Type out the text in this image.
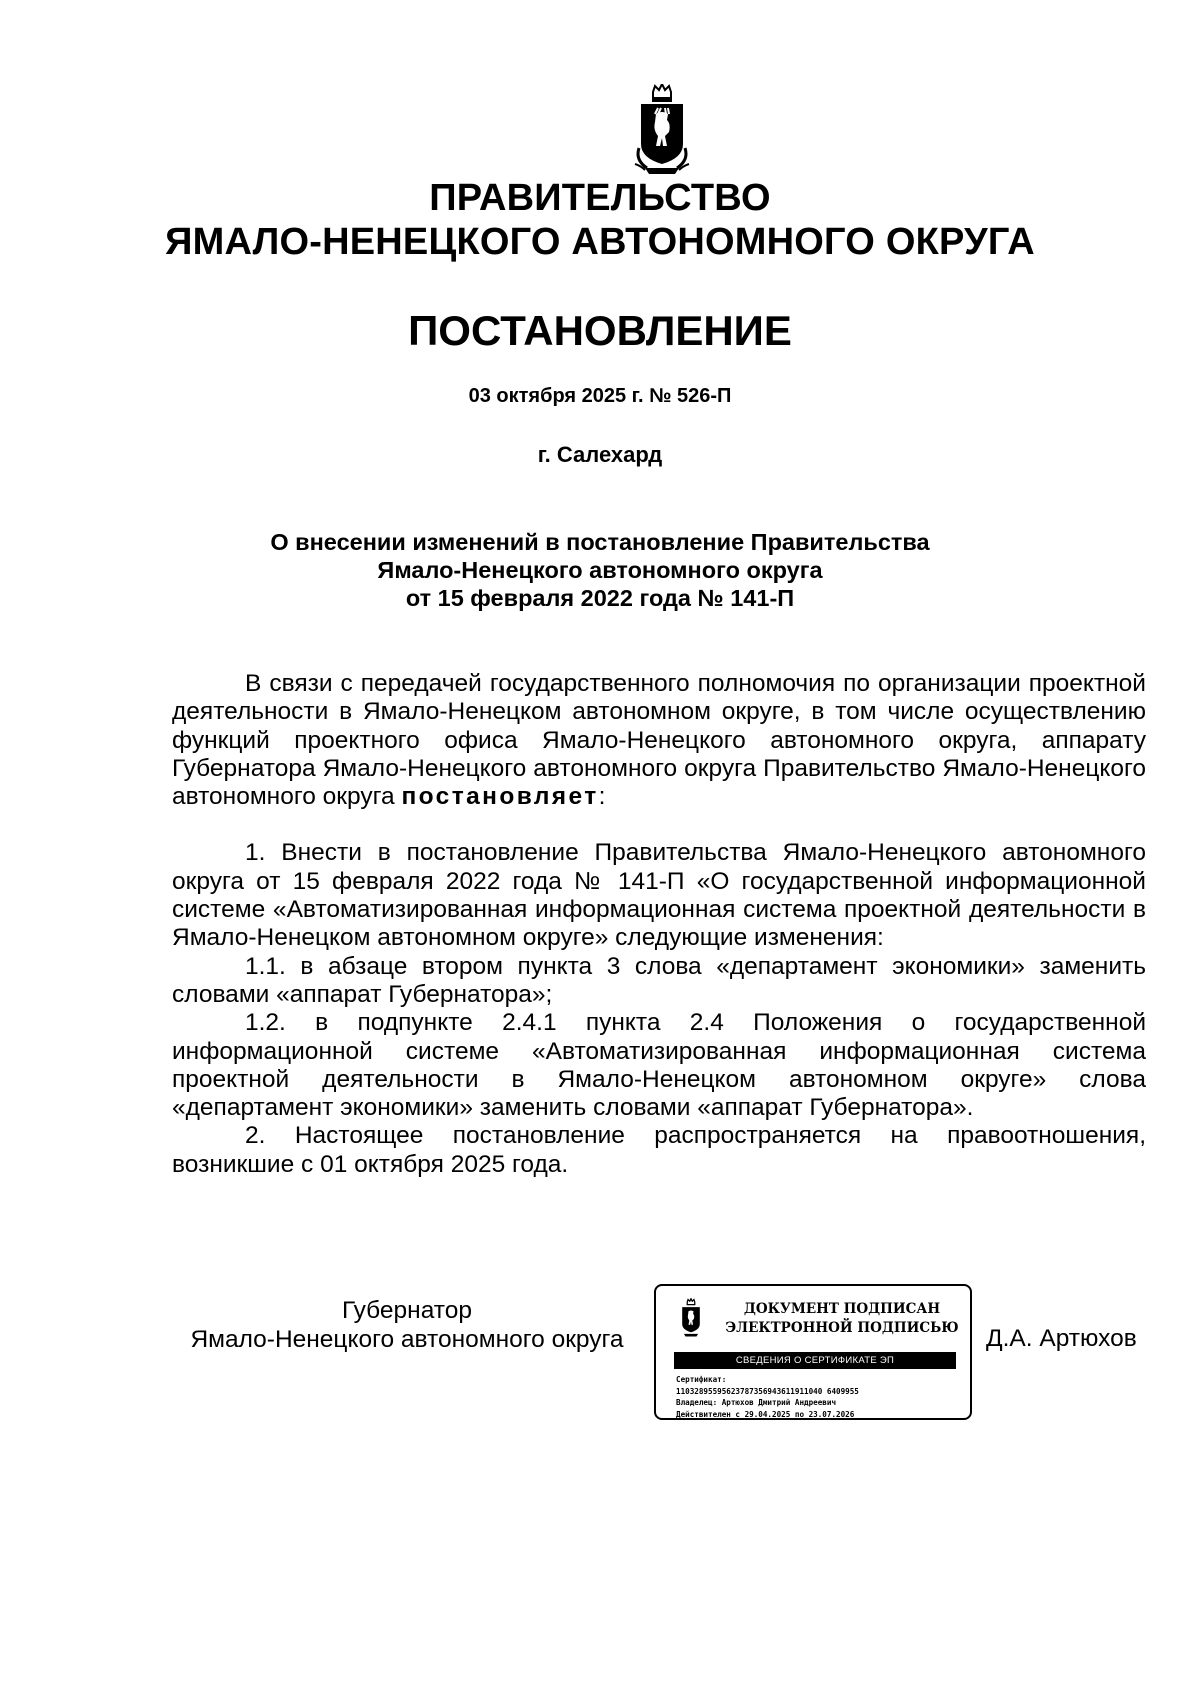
ПРАВИТЕЛЬСТВО
ЯМАЛО-НЕНЕЦКОГО АВТОНОМНОГО ОКРУГА
ПОСТАНОВЛЕНИЕ
03 октября 2025 г. № 526-П
г. Салехард
О внесении изменений в постановление Правительства
Ямало-Ненецкого автономного округа
от 15 февраля 2022 года № 141-П

В связи с передачей государственного полномочия по организации проектной деятельности в Ямало-Ненецком автономном округе, в том числе осуществлению функций проектного офиса Ямало-Ненецкого автономного округа, аппарату Губернатора Ямало-Ненецкого автономного округа Правительство Ямало-Ненецкого автономного округа постановляет:

1. Внести в постановление Правительства Ямало-Ненецкого автономного округа от 15 февраля 2022 года № 141-П «О государственной информационной системе «Автоматизированная информационная система проектной деятельности в Ямало-Ненецком автономном округе» следующие изменения:

1.1. в абзаце втором пункта 3 слова «департамент экономики» заменить словами «аппарат Губернатора»;

1.2. в подпункте 2.4.1 пункта 2.4 Положения о государственной информационной системе «Автоматизированная информационная система проектной деятельности в Ямало-Ненецком автономном округе» слова «департамент экономики» заменить словами «аппарат Губернатора».

2. Настоящее постановление распространяется на правоотношения, возникшие с 01 октября 2025 года.

Губернатор
Ямало-Ненецкого автономного округа
ДОКУМЕНТ ПОДПИСАН
ЭЛЕКТРОННОЙ ПОДПИСЬЮ
СВЕДЕНИЯ О СЕРТИФИКАТЕ ЭП
Сертификат:
11032895595623787356943611911040 6409955
Владелец: Артюхов Дмитрий Андреевич
Действителен с 29.04.2025 по 23.07.2026
Д.А. Артюхов
